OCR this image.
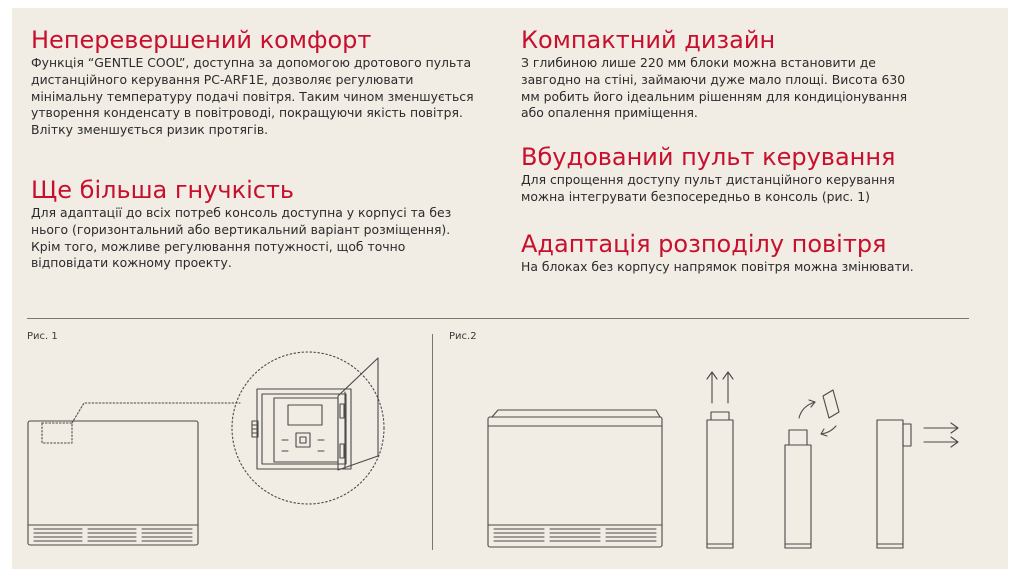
Неперевершений комфорт

Функція “GENTLE COOL”, доступна за допомогою дротового пульта дистанційного керування PC-ARF1E, дозволяє регулювати мінімальну температуру подачі повітря. Таким чином зменшується утворення конденсату в повітроводі, покращуючи якість повітря. Влітку зменшується ризик протягів.

Ще більша гнучкість

Для адаптації до всіх потреб консоль доступна у корпусі та без нього (горизонтальний або вертикальний варіант розміщення). Крім того, можливе регулювання потужності, щоб точно відповідати кожному проекту.

Компактний дизайн

З глибиною лише 220 мм блоки можна встановити де завгодно на стіні, займаючи дуже мало площі. Висота 630 мм робить його ідеальним рішенням для кондиціонування або опалення приміщення.

Вбудований пульт керування

Для спрощення доступу пульт дистанційного керування можна інтегрувати безпосередньо в консоль (рис. 1)

Адаптація розподілу повітря

На блоках без корпусу напрямок повітря можна змінювати.

Рис. 1	Рис.2
